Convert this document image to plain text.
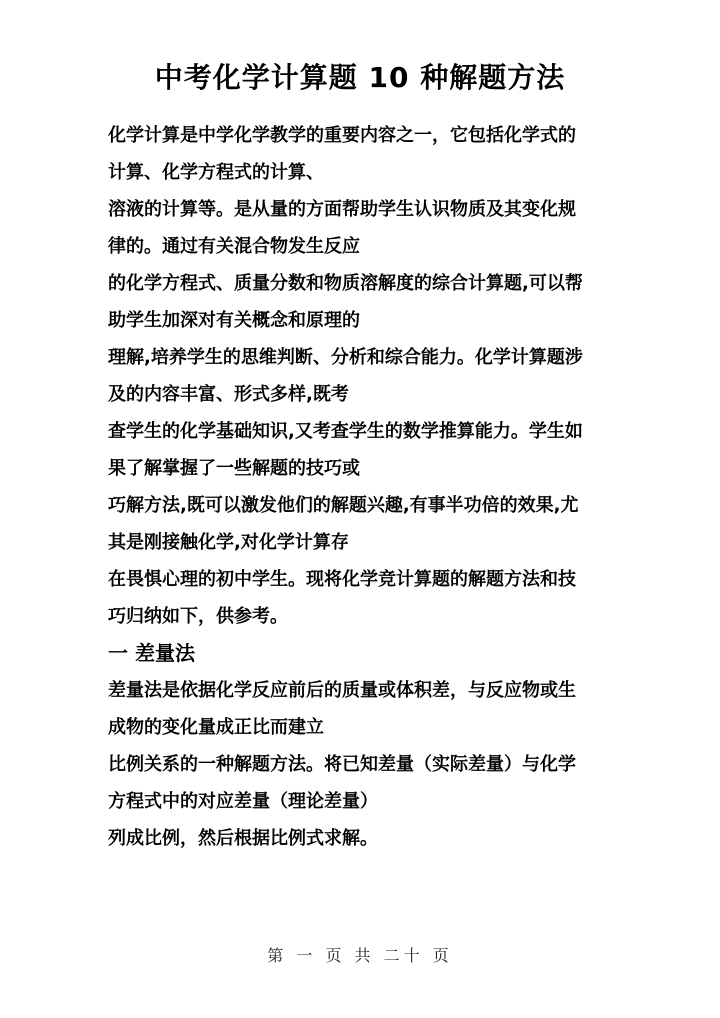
中考化学计算题 10 种解题方法
化学计算是中学化学教学的重要内容之一，它包括化学式的
计算、化学方程式的计算、
溶液的计算等。是从量的方面帮助学生认识物质及其变化规
律的。通过有关混合物发生反应
的化学方程式、质量分数和物质溶解度的综合计算题,可以帮
助学生加深对有关概念和原理的
理解,培养学生的思维判断、分析和综合能力。化学计算题涉
及的内容丰富、形式多样,既考
查学生的化学基础知识,又考查学生的数学推算能力。学生如
果了解掌握了一些解题的技巧或
巧解方法,既可以激发他们的解题兴趣,有事半功倍的效果,尤
其是刚接触化学,对化学计算存
在畏惧心理的初中学生。现将化学竞计算题的解题方法和技
巧归纳如下，供参考。
一 差量法
差量法是依据化学反应前后的质量或体积差，与反应物或生
成物的变化量成正比而建立
比例关系的一种解题方法。将已知差量（实际差量）与化学
方程式中的对应差量（理论差量）
列成比例，然后根据比例式求解。
第 一 页 共 二十 页
